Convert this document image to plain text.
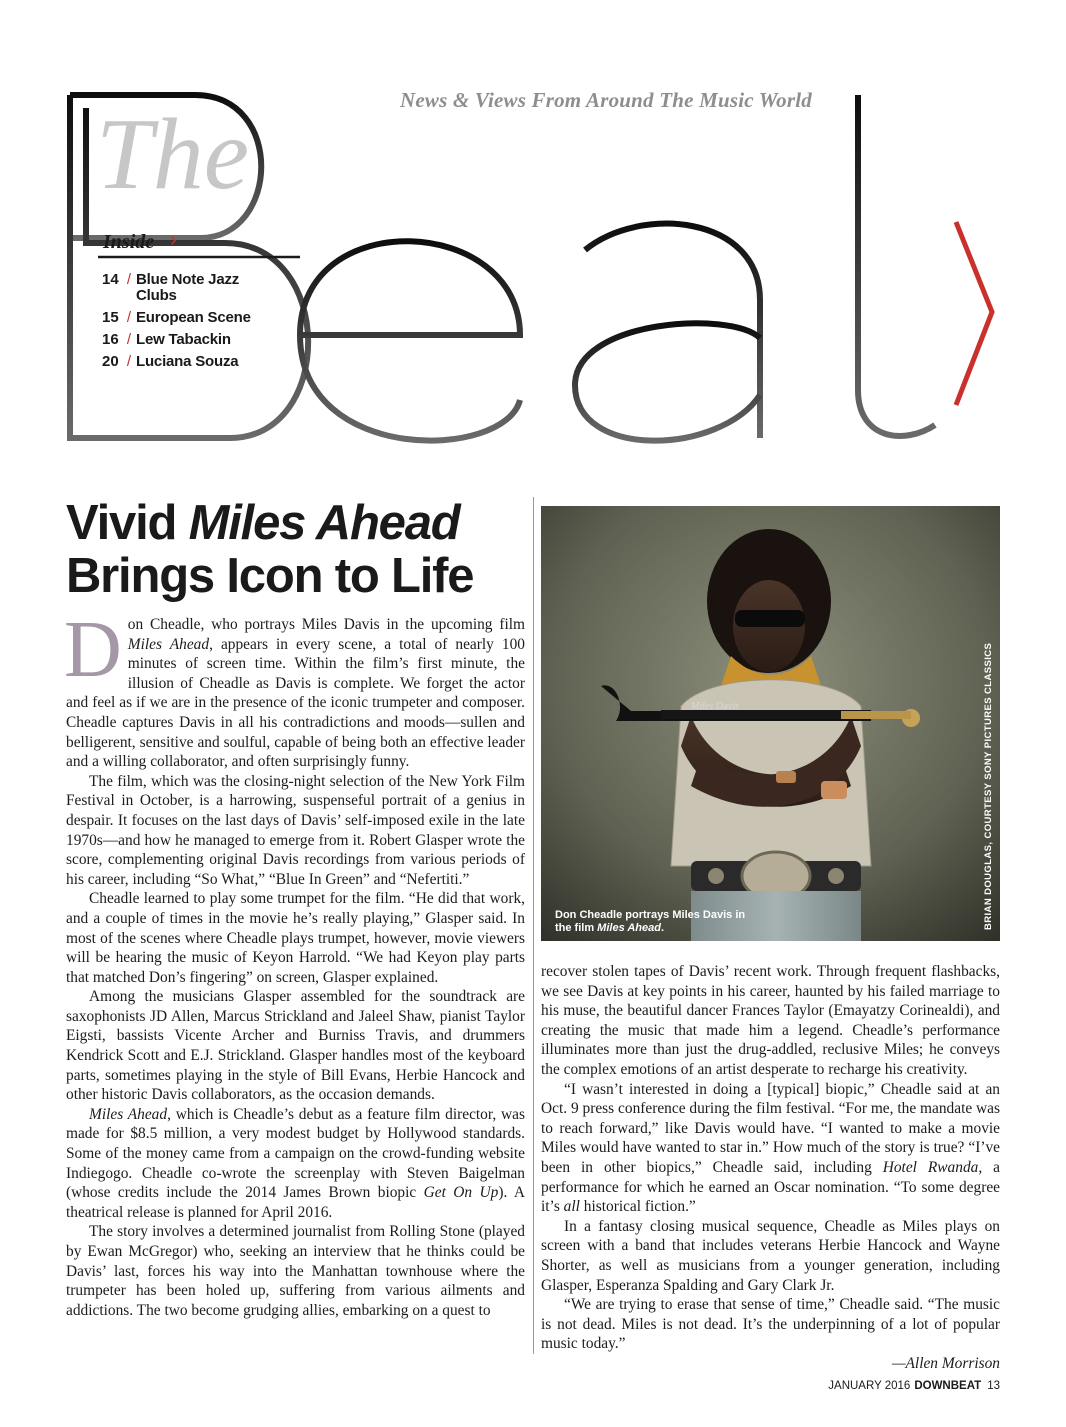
News & Views From Around The Music World
The
Inside ›
14 / Blue Note Jazz Clubs
15 / European Scene
16 / Lew Tabackin
20 / Luciana Souza
Vivid Miles Ahead
Brings Icon to Life

Don Cheadle, who portrays Miles Davis in the upcoming film Miles Ahead, appears in every scene, a total of nearly 100 minutes of screen time. Within the film’s first minute, the illusion of Cheadle as Davis is complete. We forget the actor and feel as if we are in the presence of the iconic trumpeter and composer. Cheadle captures Davis in all his contradictions and moods—sullen and belligerent, sensitive and soulful, capable of being both an effective leader and a willing collaborator, and often surprisingly funny.

The film, which was the closing-night selection of the New York Film Festival in October, is a harrowing, suspenseful portrait of a genius in despair. It focuses on the last days of Davis’ self-imposed exile in the late 1970s—and how he managed to emerge from it. Robert Glasper wrote the score, complementing original Davis recordings from various periods of his career, including “So What,” “Blue In Green” and “Nefertiti.”

Cheadle learned to play some trumpet for the film. “He did that work, and a couple of times in the movie he’s really playing,” Glasper said. In most of the scenes where Cheadle plays trumpet, however, movie viewers will be hearing the music of Keyon Harrold. “We had Keyon play parts that matched Don’s fingering” on screen, Glasper explained.

Among the musicians Glasper assembled for the soundtrack are saxophonists JD Allen, Marcus Strickland and Jaleel Shaw, pianist Taylor Eigsti, bassists Vicente Archer and Burniss Travis, and drummers Kendrick Scott and E.J. Strickland. Glasper handles most of the keyboard parts, sometimes playing in the style of Bill Evans, Herbie Hancock and other historic Davis collaborators, as the occasion demands.

Miles Ahead, which is Cheadle’s debut as a feature film director, was made for $8.5 million, a very modest budget by Hollywood standards. Some of the money came from a campaign on the crowd-funding website Indiegogo. Cheadle co-wrote the screenplay with Steven Baigelman (whose credits include the 2014 James Brown biopic Get On Up). A theatrical release is planned for April 2016.

The story involves a determined journalist from Rolling Stone (played by Ewan McGregor) who, seeking an interview that he thinks could be Davis’ last, forces his way into the Manhattan townhouse where the trumpeter has been holed up, suffering from various ailments and addictions. The two become grudging allies, embarking on a quest to

Miles Davis
Don Cheadle portrays Miles Davis in the film Miles Ahead.	BRIAN DOUGLAS, COURTESY SONY PICTURES CLASSICS

recover stolen tapes of Davis’ recent work. Through frequent flashbacks, we see Davis at key points in his career, haunted by his failed marriage to his muse, the beautiful dancer Frances Taylor (Emayatzy Corinealdi), and creating the music that made him a legend. Cheadle’s performance illuminates more than just the drug-addled, reclusive Miles; he conveys the complex emotions of an artist desperate to recharge his creativity.

“I wasn’t interested in doing a [typical] biopic,” Cheadle said at an Oct. 9 press conference during the film festival. “For me, the mandate was to reach forward,” like Davis would have. “I wanted to make a movie Miles would have wanted to star in.” How much of the story is true? “I’ve been in other biopics,” Cheadle said, including Hotel Rwanda, a performance for which he earned an Oscar nomination. “To some degree it’s all historical fiction.”

In a fantasy closing musical sequence, Cheadle as Miles plays on screen with a band that includes veterans Herbie Hancock and Wayne Shorter, as well as musicians from a younger generation, including Glasper, Esperanza Spalding and Gary Clark Jr.

“We are trying to erase that sense of time,” Cheadle said. “The music is not dead. Miles is not dead. It’s the underpinning of a lot of popular music today.”

—Allen Morrison
JANUARY 2016 DOWNBEAT 13
